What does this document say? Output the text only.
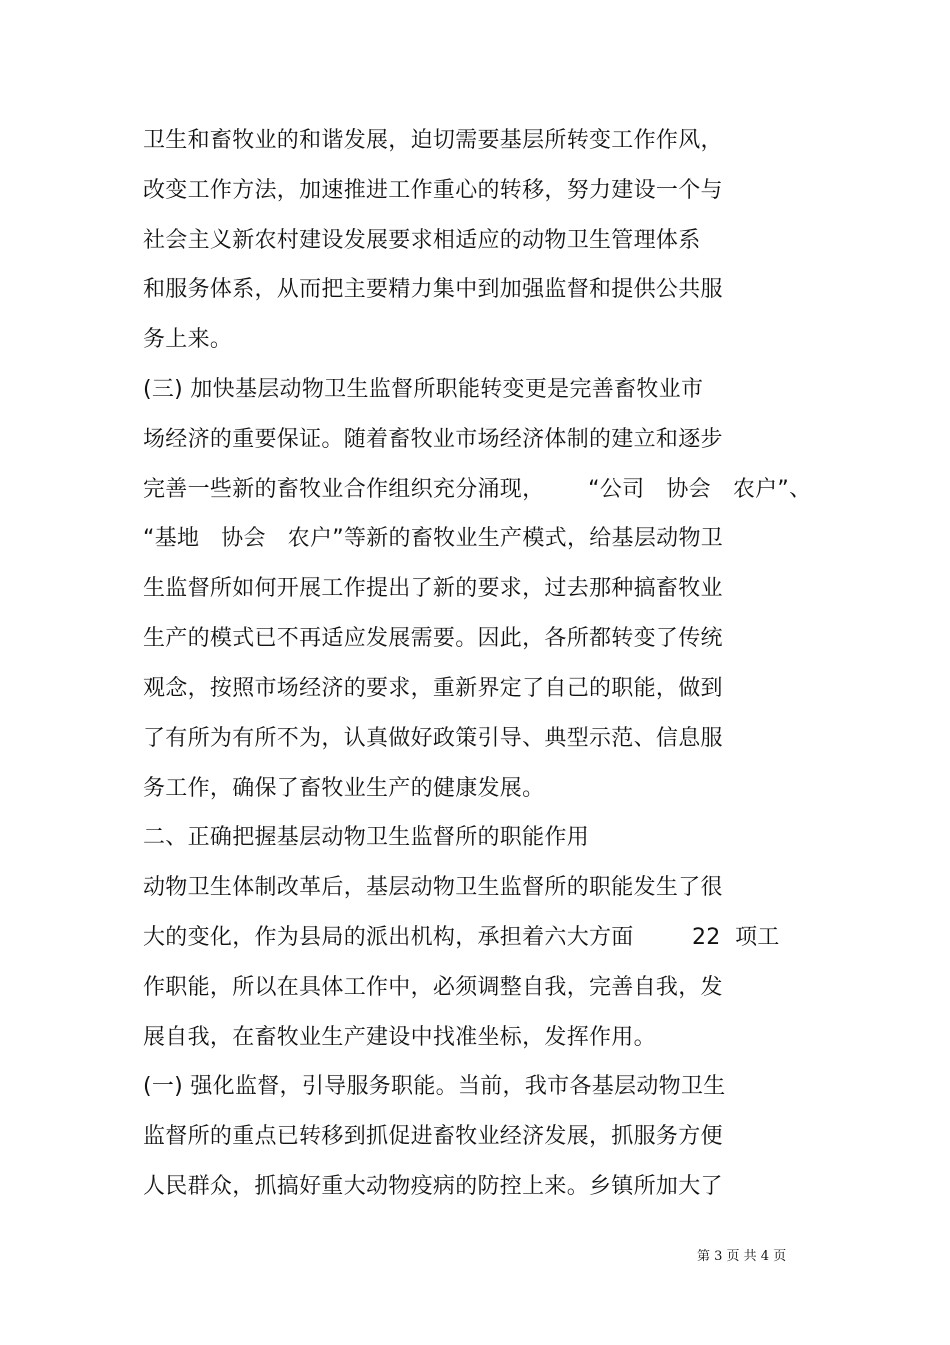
卫生和畜牧业的和谐发展，迫切需要基层所转变工作作风，
改变工作方法，加速推进工作重心的转移，努力建设一个与
社会主义新农村建设发展要求相适应的动物卫生管理体系
和服务体系，从而把主要精力集中到加强监督和提供公共服
务上来。
(三) 加快基层动物卫生监督所职能转变更是完善畜牧业市
场经济的重要保证。随着畜牧业市场经济体制的建立和逐步
完善一些新的畜牧业合作组织充分涌现，      “公司   协会   农户”、
“基地   协会   农户”等新的畜牧业生产模式，给基层动物卫
生监督所如何开展工作提出了新的要求，过去那种搞畜牧业
生产的模式已不再适应发展需要。因此，各所都转变了传统
观念，按照市场经济的要求，重新界定了自己的职能，做到
了有所为有所不为，认真做好政策引导、典型示范、信息服
务工作，确保了畜牧业生产的健康发展。
二、正确把握基层动物卫生监督所的职能作用
动物卫生体制改革后，基层动物卫生监督所的职能发生了很
大的变化，作为县局的派出机构，承担着六大方面        22  项工
作职能，所以在具体工作中，必须调整自我，完善自我，发
展自我，在畜牧业生产建设中找准坐标，发挥作用。
(一) 强化监督，引导服务职能。当前，我市各基层动物卫生
监督所的重点已转移到抓促进畜牧业经济发展，抓服务方便
人民群众，抓搞好重大动物疫病的防控上来。乡镇所加大了
第 3 页 共 4 页
